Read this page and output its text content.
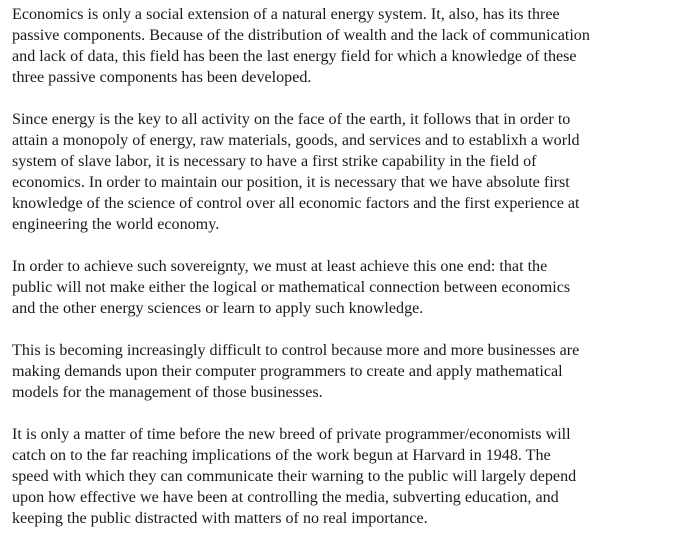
Economics is only a social extension of a natural energy system. It, also, has its three
passive components. Because of the distribution of wealth and the lack of communication
and lack of data, this field has been the last energy field for which a knowledge of these
three passive components has been developed.

Since energy is the key to all activity on the face of the earth, it follows that in order to
attain a monopoly of energy, raw materials, goods, and services and to establixh a world
system of slave labor, it is necessary to have a first strike capability in the field of
economics. In order to maintain our position, it is necessary that we have absolute first
knowledge of the science of control over all economic factors and the first experience at
engineering the world economy.

In order to achieve such sovereignty, we must at least achieve this one end: that the
public will not make either the logical or mathematical connection between economics
and the other energy sciences or learn to apply such knowledge.

This is becoming increasingly difficult to control because more and more businesses are
making demands upon their computer programmers to create and apply mathematical
models for the management of those businesses.

It is only a matter of time before the new breed of private programmer/economists will
catch on to the far reaching implications of the work begun at Harvard in 1948. The
speed with which they can communicate their warning to the public will largely depend
upon how effective we have been at controlling the media, subverting education, and
keeping the public distracted with matters of no real importance.
